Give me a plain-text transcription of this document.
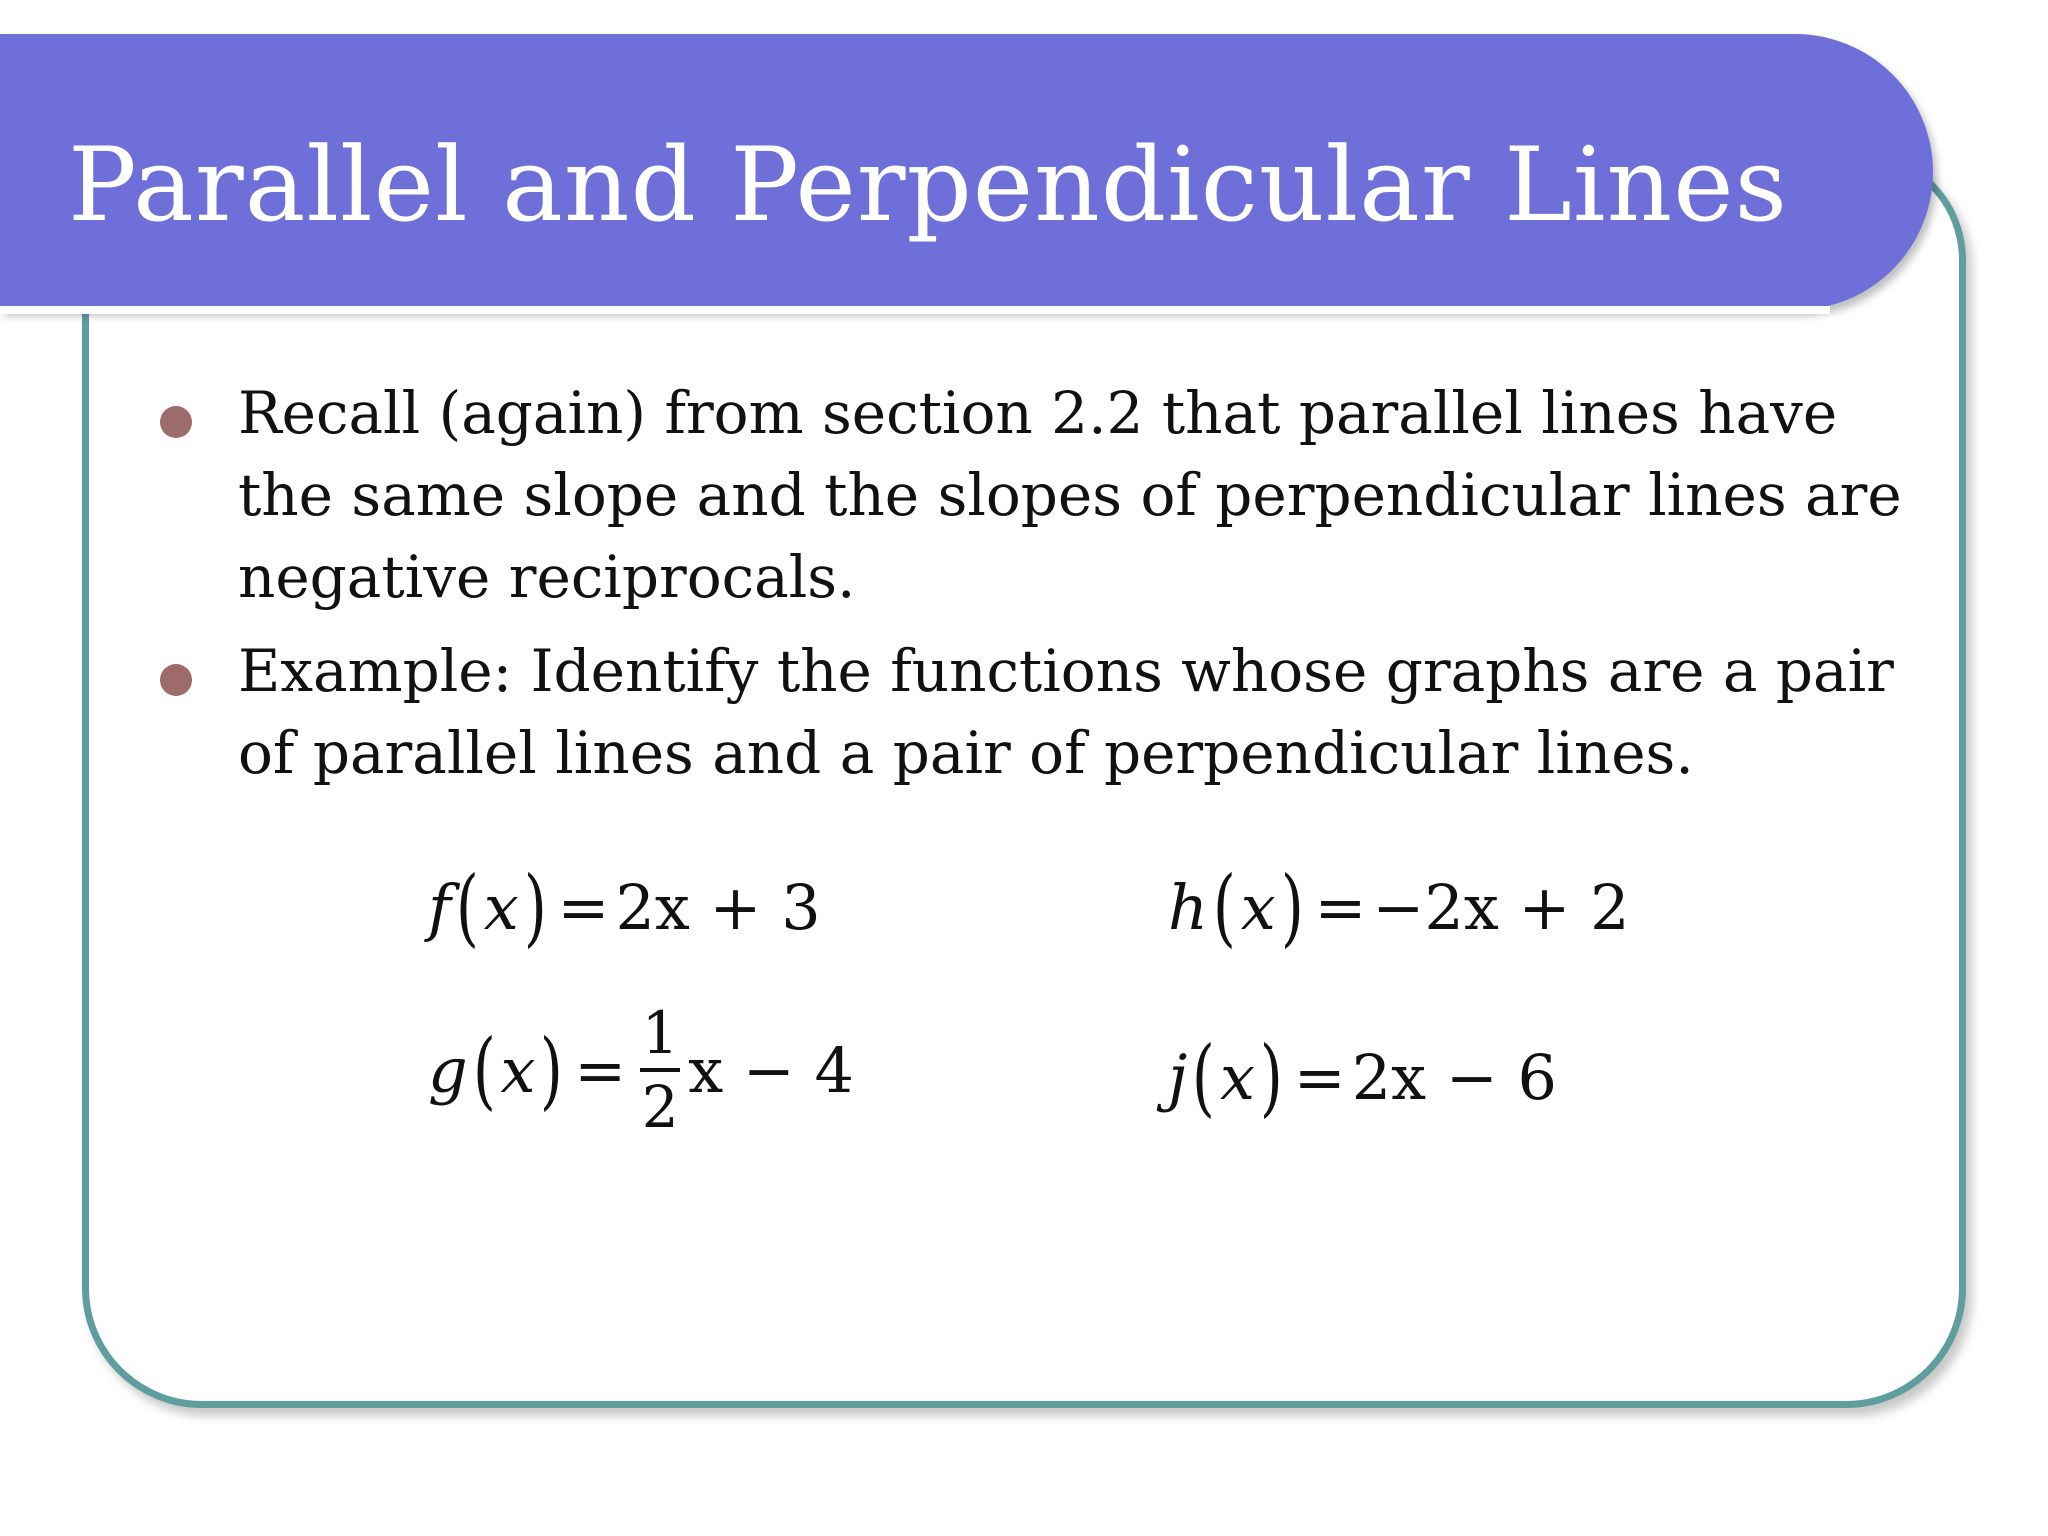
Parallel and Perpendicular Lines
Recall (again) from section 2.2 that parallel lines have the same slope and the slopes of perpendicular lines are negative reciprocals.
Example: Identify the functions whose graphs are a pair of parallel lines and a pair of perpendicular lines.
f ( x ) = 2x + 3	h ( x ) = −2x + 2
g ( x ) = $\frac{1}{2}$ x − 4	j ( x ) = 2x − 6
